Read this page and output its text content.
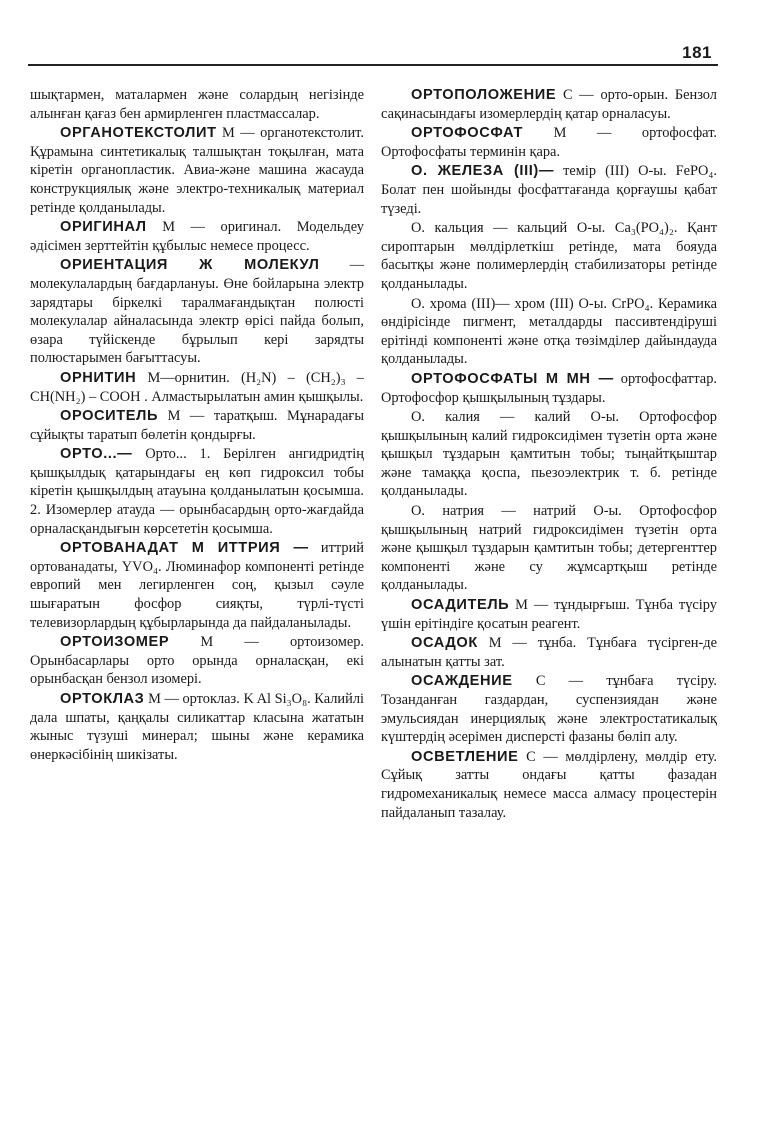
181

шықтармен, маталармен және солардың негізінде алынған қағаз бен армирленген пластмассалар.

ОРГАНОТЕКСТОЛИТ М — органотекстолит. Құрамына синтетикалық талшықтан тоқылған, мата кіретін органопластик. Авиа-және машина жасауда конструкциялық және электро-техникалық материал ретінде қолданылады.

ОРИГИНАЛ М — оригинал. Модельдеу әдісімен зерттейтін құбылыс немесе процесс.

ОРИЕНТАЦИЯ Ж МОЛЕКУЛ — молекулалардың бағдарлануы. Өне бойларына электр зарядтары біркелкі таралмағандықтан полюсті молекулалар айналасында электр өрісі пайда болып, өзара түйіскенде бұрылып кері зарядты полюстарымен бағыттасуы.

ОРНИТИН М—орнитин. (H₂N) – (CH₂)₃ – CH(NH₂) – COOH . Алмастырылатын амин қышқылы.

ОРОСИТЕЛЬ М — таратқыш. Мұнарадағы сұйықты таратып бөлетін қондырғы.

ОРТО...— Орто... 1. Берілген ангидридтің қышқылдық қатарындағы ең көп гидроксил тобы кіретін қышқылдың атауына қолданылатын қосымша. 2. Изомерлер атауда — орынбасардың орто-жағдайда орналасқандығын көрсететін қосымша.

ОРТОВАНАДАТ М ИТТРИЯ — иттрий ортованадаты, YVO₄. Люминафор компоненті ретінде европий мен легирленген соң, қызыл сәуле шығаратын фосфор сияқты, түрлі-түсті телевизорлардың құбырларында да пайдаланылады.

ОРТОИЗОМЕР М — ортоизомер. Орынбасарлары орто орында орналасқан, екі орынбасқан бензол изомері.

ОРТОКЛАЗ М — ортоклаз. K Al Si₃O₈. Калийлі дала шпаты, қаңқалы силикаттар класына жататын жыныс түзуші минерал; шыны және керамика өнеркәсібінің шикізаты.

ОРТОПОЛОЖЕНИЕ С — орто-орын. Бензол сақинасындағы изомерлердің қатар орналасуы.

ОРТОФОСФАТ М — ортофосфат. Ортофосфаты терминін қара.

О. ЖЕЛЕЗА (III)— темір (III) О-ы. FePO₄. Болат пен шойынды фосфаттағанда қорғаушы қабат түзеді.

О. кальция — кальций О-ы. Ca₃(PO₄)₂. Қант сироптарын мөлдірлеткіш ретінде, мата бояуда басытқы және полимерлердің стабилизаторы ретінде қолданылады.

О. хрома (III)— хром (III) О-ы. CrPO₄. Керамика өндірісінде пигмент, металдарды пассивтендіруші ерітінді компоненті және отқа төзімділер дайындауда қолданылады.

ОРТОФОСФАТЫ М МН — ортофосфаттар. Ортофосфор қышқылының тұздары.

О. калия — калий О-ы. Ортофосфор қышқылының калий гидроксидімен түзетін орта және қышқыл тұздарын қамтитын тобы; тыңайтқыштар және тамаққа қоспа, пьезоэлектрик т. б. ретінде қолданылады.

О. натрия — натрий О-ы. Ортофосфор қышқылының натрий гидроксидімен түзетін орта және қышқыл тұздарын қамтитын тобы; детергенттер компоненті және су жұмсартқыш ретінде қолданылады.

ОСАДИТЕЛЬ М — тұндырғыш. Тұнба түсіру үшін ерітіндіге қосатын реагент.

ОСАДОК М — тұнба. Тұнбаға түсірген-де алынатын қатты зат.

ОСАЖДЕНИЕ С — тұнбаға түсіру. Тозанданған газдардан, суспензиядан және эмульсиядан инерциялық және электростатикалық күштердің әсерімен дисперсті фазаны бөліп алу.

ОСВЕТЛЕНИЕ С — мөлдірлену, мөлдір ету. Сұйық затты ондағы қатты фазадан гидромеханикалық немесе масса алмасу процестерін пайдаланып тазалау.
